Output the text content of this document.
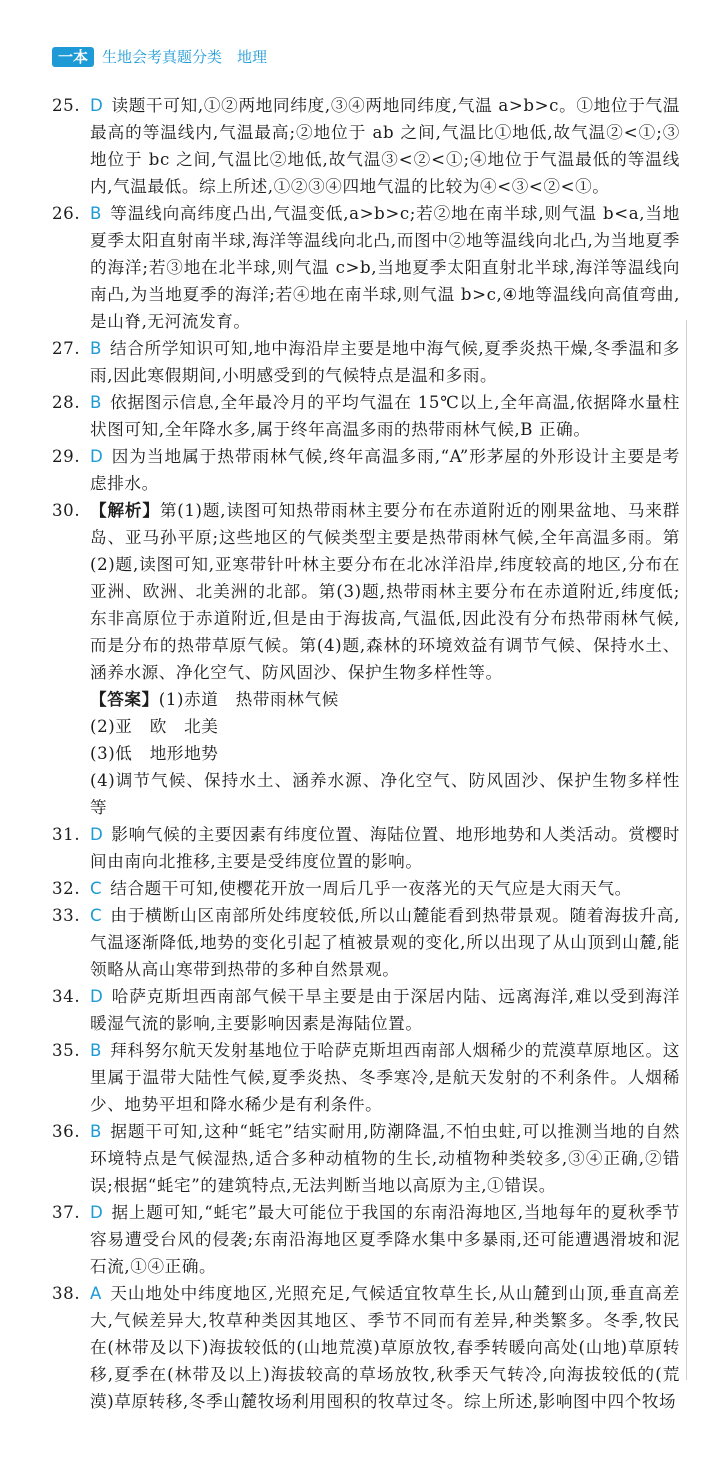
一本 生地会考真题分类　地理
25. D 读题干可知,①②两地同纬度,③④两地同纬度,气温 a>b>c。①地位于气温最高的等温线内,气温最高;②地位于 ab 之间,气温比①地低,故气温②<①;③地位于 bc 之间,气温比②地低,故气温③<②<①;④地位于气温最低的等温线内,气温最低。综上所述,①②③④四地气温的比较为④<③<②<①。
26. B 等温线向高纬度凸出,气温变低,a>b>c;若②地在南半球,则气温 b<a,当地夏季太阳直射南半球,海洋等温线向北凸,而图中②地等温线向北凸,为当地夏季的海洋;若③地在北半球,则气温 c>b,当地夏季太阳直射北半球,海洋等温线向南凸,为当地夏季的海洋;若④地在南半球,则气温 b>c,④地等温线向高值弯曲,是山脊,无河流发育。
27. B 结合所学知识可知,地中海沿岸主要是地中海气候,夏季炎热干燥,冬季温和多雨,因此寒假期间,小明感受到的气候特点是温和多雨。
28. B 依据图示信息,全年最冷月的平均气温在 15℃以上,全年高温,依据降水量柱状图可知,全年降水多,属于终年高温多雨的热带雨林气候,B 正确。
29. D 因为当地属于热带雨林气候,终年高温多雨,“A”形茅屋的外形设计主要是考虑排水。
30. 【解析】第(1)题,读图可知热带雨林主要分布在赤道附近的刚果盆地、马来群岛、亚马孙平原;这些地区的气候类型主要是热带雨林气候,全年高温多雨。第(2)题,读图可知,亚寒带针叶林主要分布在北冰洋沿岸,纬度较高的地区,分布在亚洲、欧洲、北美洲的北部。第(3)题,热带雨林主要分布在赤道附近,纬度低;东非高原位于赤道附近,但是由于海拔高,气温低,因此没有分布热带雨林气候,而是分布的热带草原气候。第(4)题,森林的环境效益有调节气候、保持水土、涵养水源、净化空气、防风固沙、保护生物多样性等。
【答案】(1)赤道　热带雨林气候
(2)亚　欧　北美
(3)低　地形地势
(4)调节气候、保持水土、涵养水源、净化空气、防风固沙、保护生物多样性等
31. D 影响气候的主要因素有纬度位置、海陆位置、地形地势和人类活动。赏樱时间由南向北推移,主要是受纬度位置的影响。
32. C 结合题干可知,使樱花开放一周后几乎一夜落光的天气应是大雨天气。
33. C 由于横断山区南部所处纬度较低,所以山麓能看到热带景观。随着海拔升高,气温逐渐降低,地势的变化引起了植被景观的变化,所以出现了从山顶到山麓,能领略从高山寒带到热带的多种自然景观。
34. D 哈萨克斯坦西南部气候干旱主要是由于深居内陆、远离海洋,难以受到海洋暖湿气流的影响,主要影响因素是海陆位置。
35. B 拜科努尔航天发射基地位于哈萨克斯坦西南部人烟稀少的荒漠草原地区。这里属于温带大陆性气候,夏季炎热、冬季寒冷,是航天发射的不利条件。人烟稀少、地势平坦和降水稀少是有利条件。
36. B 据题干可知,这种“蚝宅”结实耐用,防潮降温,不怕虫蛀,可以推测当地的自然环境特点是气候湿热,适合多种动植物的生长,动植物种类较多,③④正确,②错误;根据“蚝宅”的建筑特点,无法判断当地以高原为主,①错误。
37. D 据上题可知,“蚝宅”最大可能位于我国的东南沿海地区,当地每年的夏秋季节容易遭受台风的侵袭;东南沿海地区夏季降水集中多暴雨,还可能遭遇滑坡和泥石流,①④正确。
38. A 天山地处中纬度地区,光照充足,气候适宜牧草生长,从山麓到山顶,垂直高差大,气候差异大,牧草种类因其地区、季节不同而有差异,种类繁多。冬季,牧民在(林带及以下)海拔较低的(山地荒漠)草原放牧,春季转暖向高处(山地)草原转移,夏季在(林带及以上)海拔较高的草场放牧,秋季天气转冷,向海拔较低的(荒漠)草原转移,冬季山麓牧场利用囤积的牧草过冬。综上所述,影响图中四个牧场
